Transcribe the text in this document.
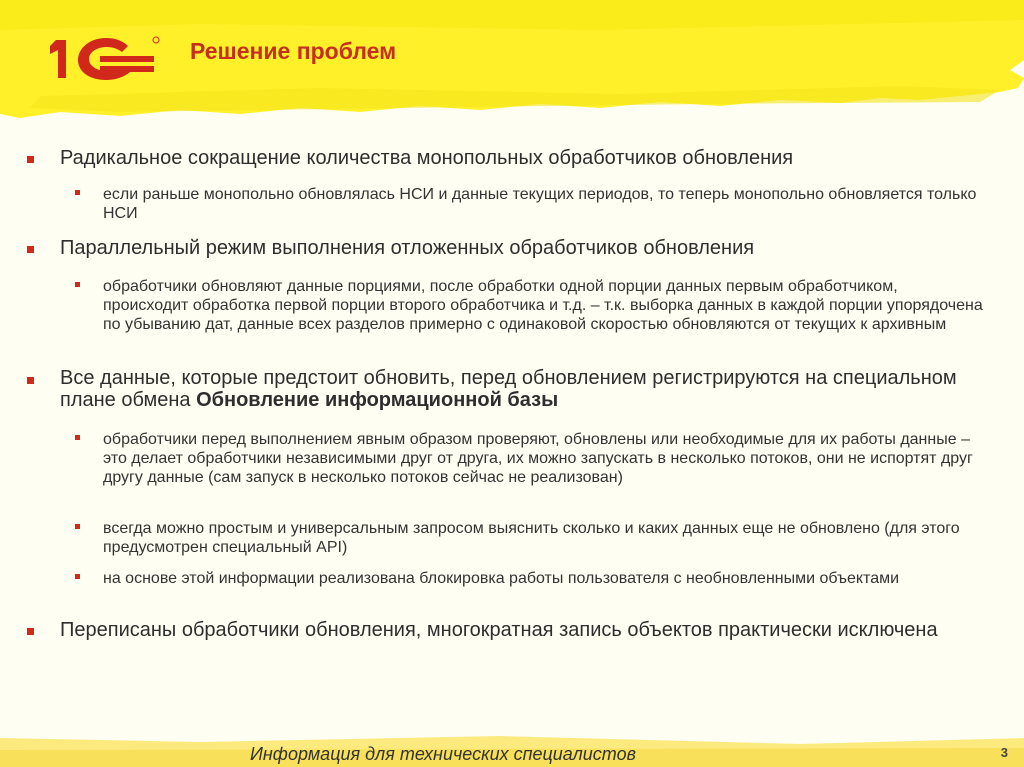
Решение проблем
Радикальное сокращение количества монопольных обработчиков обновления
если раньше монопольно обновлялась НСИ и данные текущих периодов, то теперь монопольно обновляется только НСИ
Параллельный режим выполнения отложенных обработчиков обновления
обработчики обновляют данные порциями, после обработки одной порции данных первым обработчиком, происходит обработка первой порции второго обработчика и т.д. – т.к. выборка данных в каждой порции упорядочена по убыванию дат, данные всех разделов примерно с одинаковой скоростью обновляются от текущих к архивным
Все данные, которые предстоит обновить, перед обновлением регистрируются на специальном плане обмена Обновление информационной базы
обработчики перед выполнением явным образом проверяют, обновлены или необходимые для их работы данные – это делает обработчики независимыми друг от друга, их можно запускать в несколько потоков, они не испортят друг другу данные (сам запуск в несколько потоков сейчас не реализован)
всегда можно простым и универсальным запросом выяснить сколько и каких данных еще не обновлено (для этого предусмотрен специальный API)
на основе этой информации реализована блокировка работы пользователя с необновленными объектами
Переписаны обработчики обновления, многократная запись объектов практически исключена
Информация для технических специалистов	3
